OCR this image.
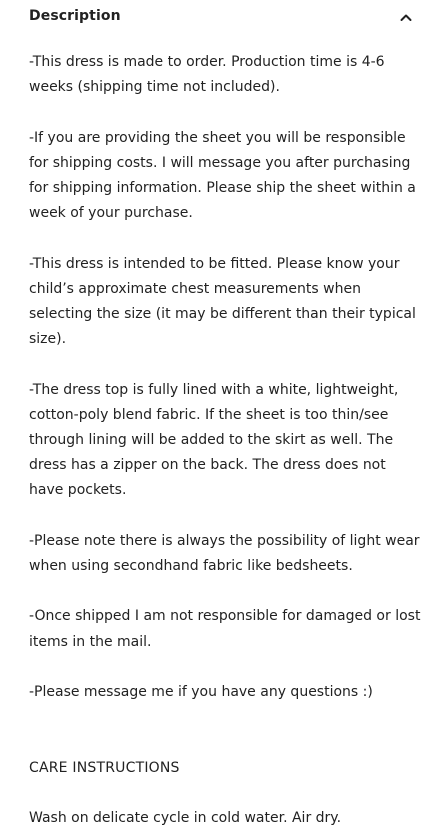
Description

-This dress is made to order. Production time is 4-6 weeks (shipping time not included).

-If you are providing the sheet you will be responsible for shipping costs. I will message you after purchasing for shipping information. Please ship the sheet within a week of your purchase.

-This dress is intended to be fitted. Please know your child’s approximate chest measurements when selecting the size (it may be different than their typical size).

-The dress top is fully lined with a white, lightweight, cotton-poly blend fabric. If the sheet is too thin/see through lining will be added to the skirt as well. The dress has a zipper on the back. The dress does not have pockets.

-Please note there is always the possibility of light wear when using secondhand fabric like bedsheets.

-Once shipped I am not responsible for damaged or lost items in the mail.

-Please message me if you have any questions :)

CARE INSTRUCTIONS

Wash on delicate cycle in cold water. Air dry.
